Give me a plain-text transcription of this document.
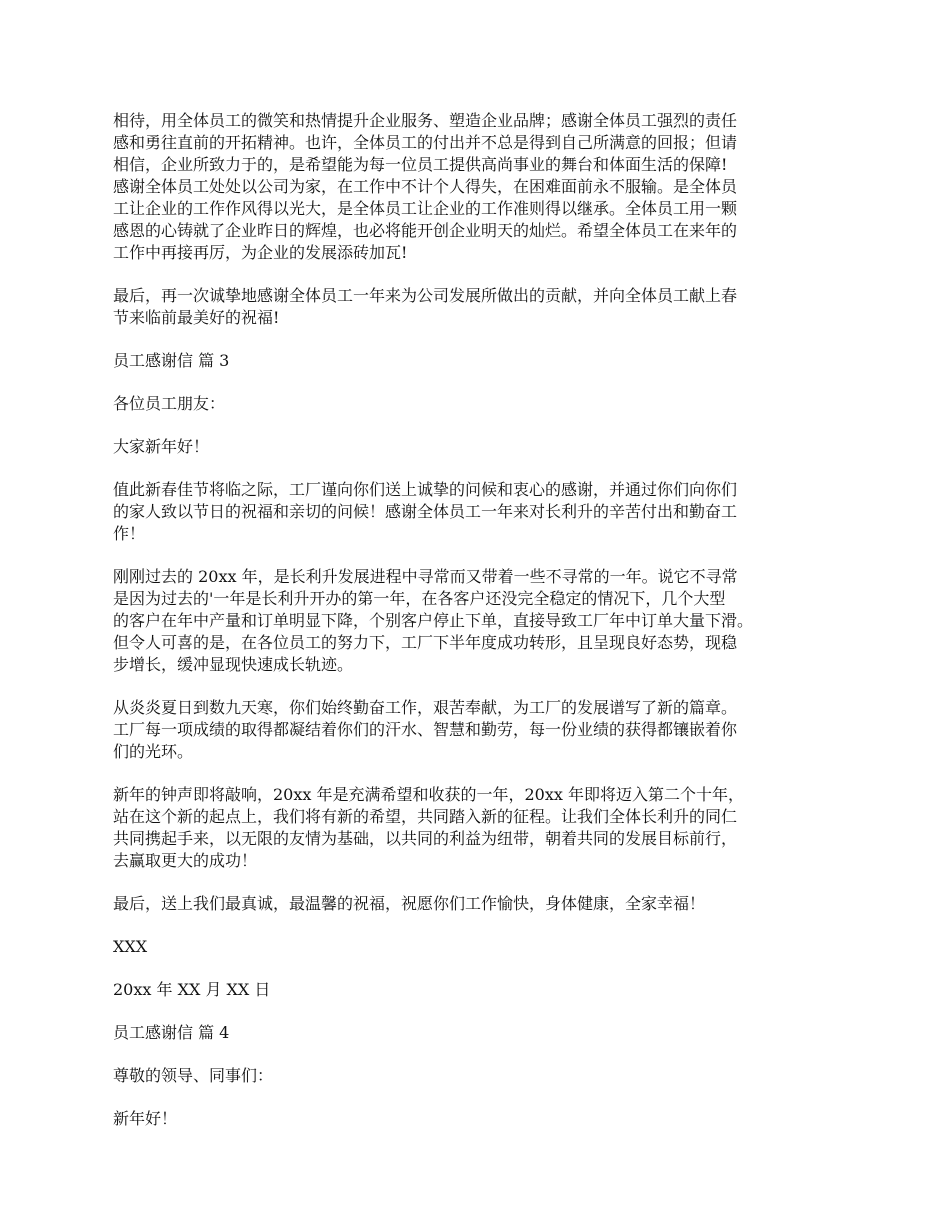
相待，用全体员工的微笑和热情提升企业服务、塑造企业品牌；感谢全体员工强烈的责任
感和勇往直前的开拓精神。也许，全体员工的付出并不总是得到自己所满意的回报；但请
相信，企业所致力于的，是希望能为每一位员工提供高尚事业的舞台和体面生活的保障!
感谢全体员工处处以公司为家，在工作中不计个人得失，在困难面前永不服输。是全体员
工让企业的工作作风得以光大，是全体员工让企业的工作准则得以继承。全体员工用一颗
感恩的心铸就了企业昨日的辉煌，也必将能开创企业明天的灿烂。希望全体员工在来年的
工作中再接再厉，为企业的发展添砖加瓦!
最后，再一次诚挚地感谢全体员工一年来为公司发展所做出的贡献，并向全体员工献上春
节来临前最美好的祝福!
员工感谢信 篇 3
各位员工朋友：
大家新年好！
值此新春佳节将临之际，工厂谨向你们送上诚挚的问候和衷心的感谢，并通过你们向你们
的家人致以节日的祝福和亲切的问候！感谢全体员工一年来对长利升的辛苦付出和勤奋工
作！
刚刚过去的 20xx 年，是长利升发展进程中寻常而又带着一些不寻常的一年。说它不寻常
是因为过去的'一年是长利升开办的第一年，在各客户还没完全稳定的情况下，几个大型
的客户在年中产量和订单明显下降，个别客户停止下单，直接导致工厂年中订单大量下滑。
但令人可喜的是，在各位员工的努力下，工厂下半年度成功转形，且呈现良好态势，现稳
步增长，缓冲显现快速成长轨迹。
从炎炎夏日到数九天寒，你们始终勤奋工作，艰苦奉献，为工厂的发展谱写了新的篇章。
工厂每一项成绩的取得都凝结着你们的汗水、智慧和勤劳，每一份业绩的获得都镶嵌着你
们的光环。
新年的钟声即将敲响，20xx 年是充满希望和收获的一年，20xx 年即将迈入第二个十年，
站在这个新的起点上，我们将有新的希望，共同踏入新的征程。让我们全体长利升的同仁
共同携起手来，以无限的友情为基础，以共同的利益为纽带，朝着共同的发展目标前行，
去赢取更大的成功！
最后，送上我们最真诚，最温馨的祝福，祝愿你们工作愉快，身体健康，全家幸福！
XXX
20xx 年 XX 月 XX 日
员工感谢信 篇 4
尊敬的领导、同事们：
新年好！
